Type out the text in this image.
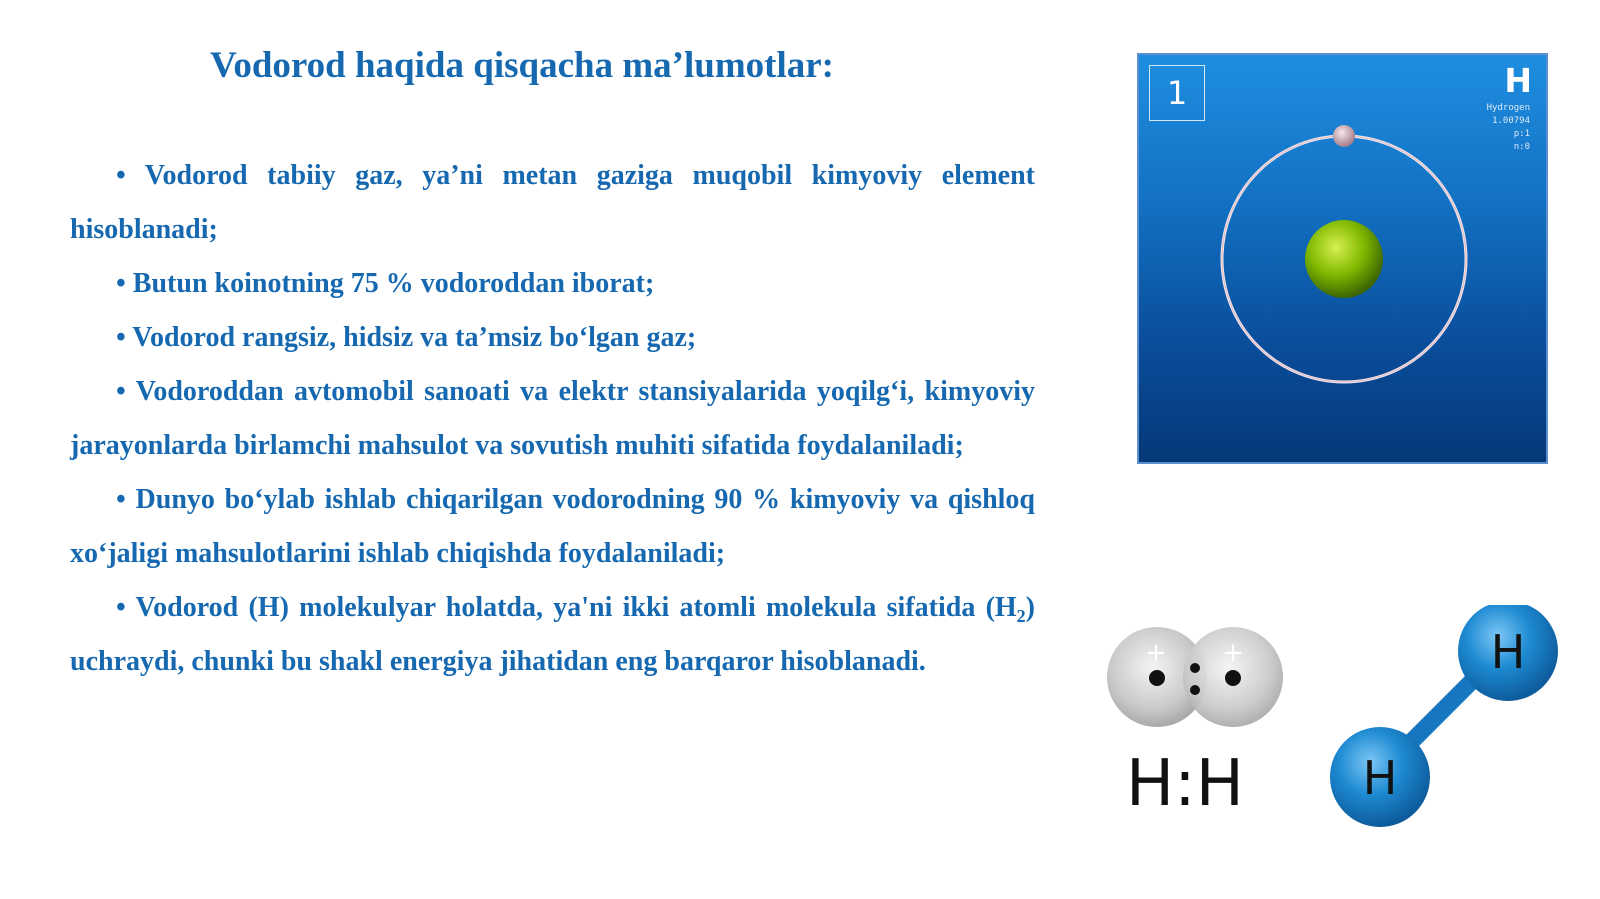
Vodorod haqida qisqacha ma’lumotlar:

• Vodorod tabiiy gaz, ya’ni metan gaziga muqobil kimyoviy element hisoblanadi;

• Butun koinotning 75 % vodoroddan iborat;

• Vodorod rangsiz, hidsiz va ta’msiz bo‘lgan gaz;

• Vodoroddan avtomobil sanoati va elektr stansiyalarida yoqilg‘i, kimyoviy jarayonlarda birlamchi mahsulot va sovutish muhiti sifatida foydalaniladi;

• Dunyo bo‘ylab ishlab chiqarilgan vodorodning 90 % kimyoviy va qishloq xo‘jaligi mahsulotlarini ishlab chiqishda foydalaniladi;

• Vodorod (H) molekulyar holatda, ya'ni ikki atomli molekula sifatida $(H_2)$ uchraydi, chunki bu shakl energiya jihatidan eng barqaror hisoblanadi.

1	H
Hydrogen
1.00794
p:1
n:0
+ +
H:H
H
H
